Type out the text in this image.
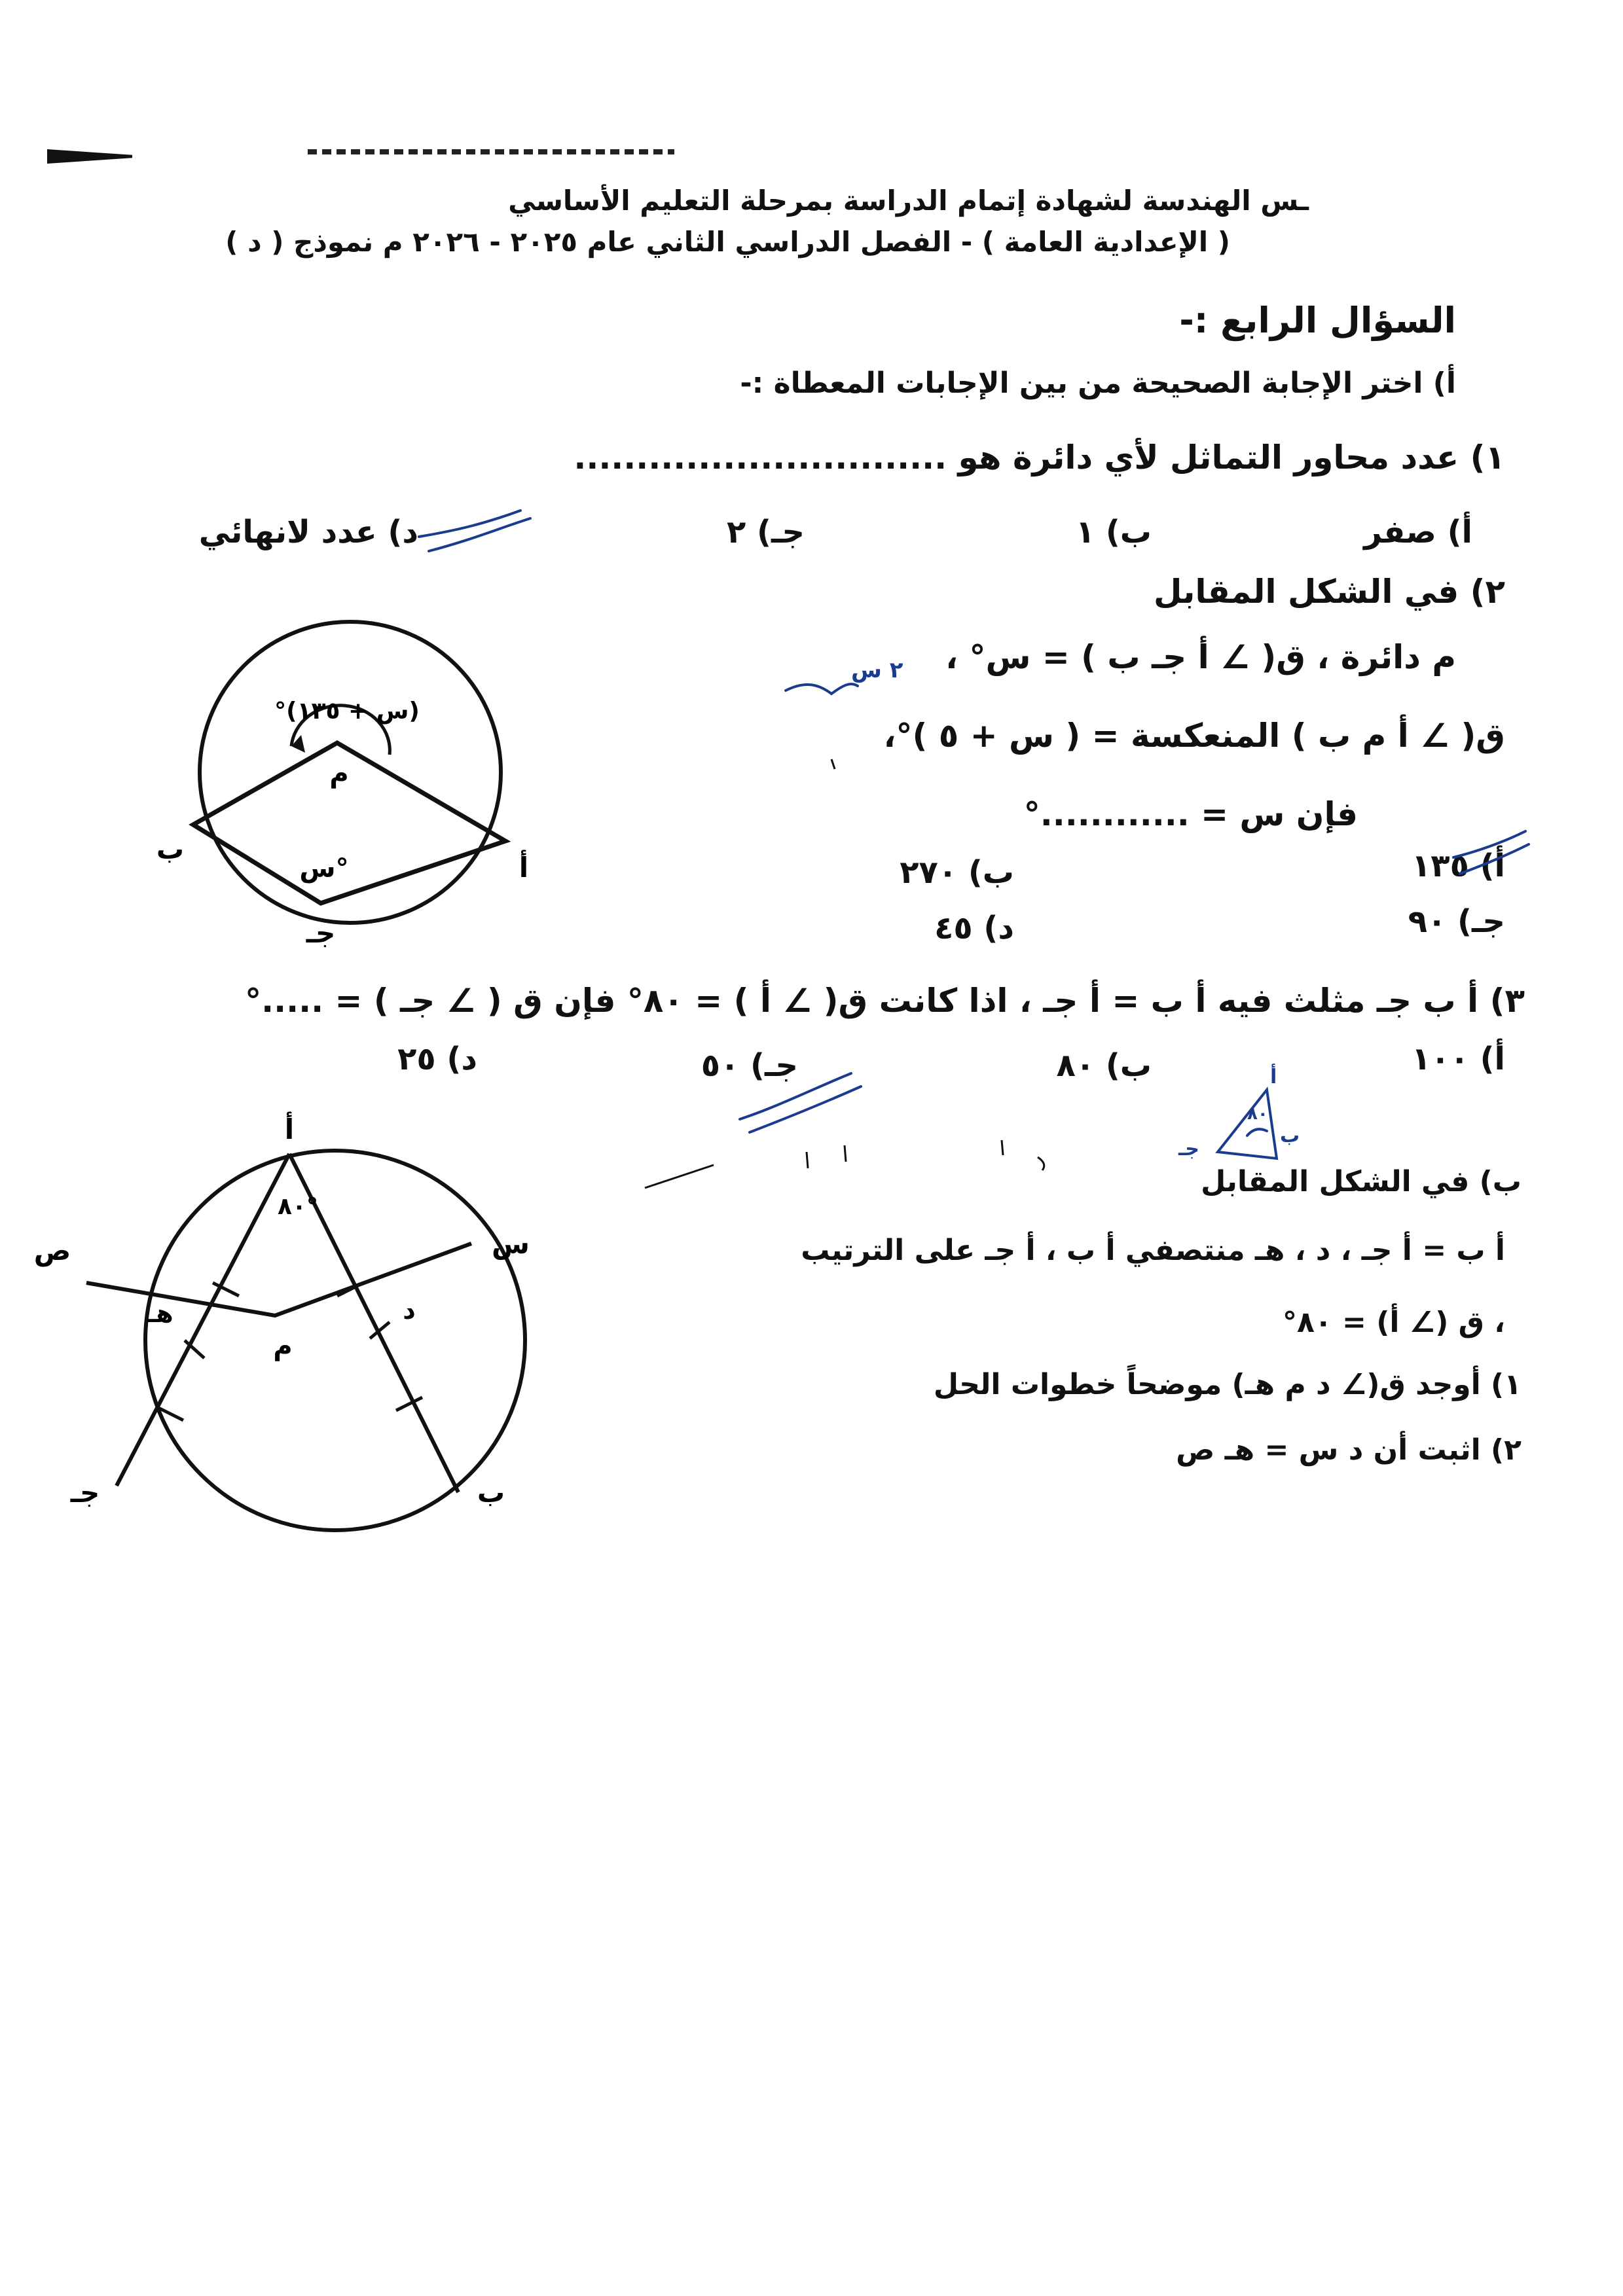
ـس الهندسة لشهادة إتمام الدراسة بمرحلة التعليم الأساسي
( الإعدادية العامة ) - الفصل الدراسي الثاني عام ٢٠٢٥ - ٢٠٢٦ م نموذج ( د )
السؤال الرابع :-
أ) اختر الإجابة الصحيحة من بين الإجابات المعطاة :-
١) عدد محاور التماثل لأي دائرة هو ..............................
أ) صفر
ب) ١
جـ) ٢
د) عدد لانهائي
٢) في الشكل المقابل
م دائرة ، ق( ∠ أ جـ ب ) = س° ،
ق( ∠ أ م ب ) المنعكسة = ( س + ٥ )°،
فإن س = ............°
أ) ١٣٥
ب) ٢٧٠
جـ) ٩٠
د) ٤٥
٣) أ ب جـ مثلث فيه أ ب = أ جـ ، اذا كانت ق( ∠ أ ) = ٨٠° فإن ق ( ∠ جـ ) = .....°
أ) ١٠٠
ب) ٨٠
جـ) ٥٠
د) ٢٥
ب) في الشكل المقابل
أ ب = أ جـ ، د ، هـ منتصفي أ ب ، أ جـ على الترتيب
، ق (∠ أ) = ٨٠°
١) أوجد ق(∠ د م هـ) موضحاً خطوات الحل
٢) اثبت أن د س = هـ ص
(س + ١٣٥)°
م
ب
أ
جـ
س°
أ
٨٠°
س
ص
د
هـ
م
ب
جـ
٢ س
أ
ب
جـ
٨٠
